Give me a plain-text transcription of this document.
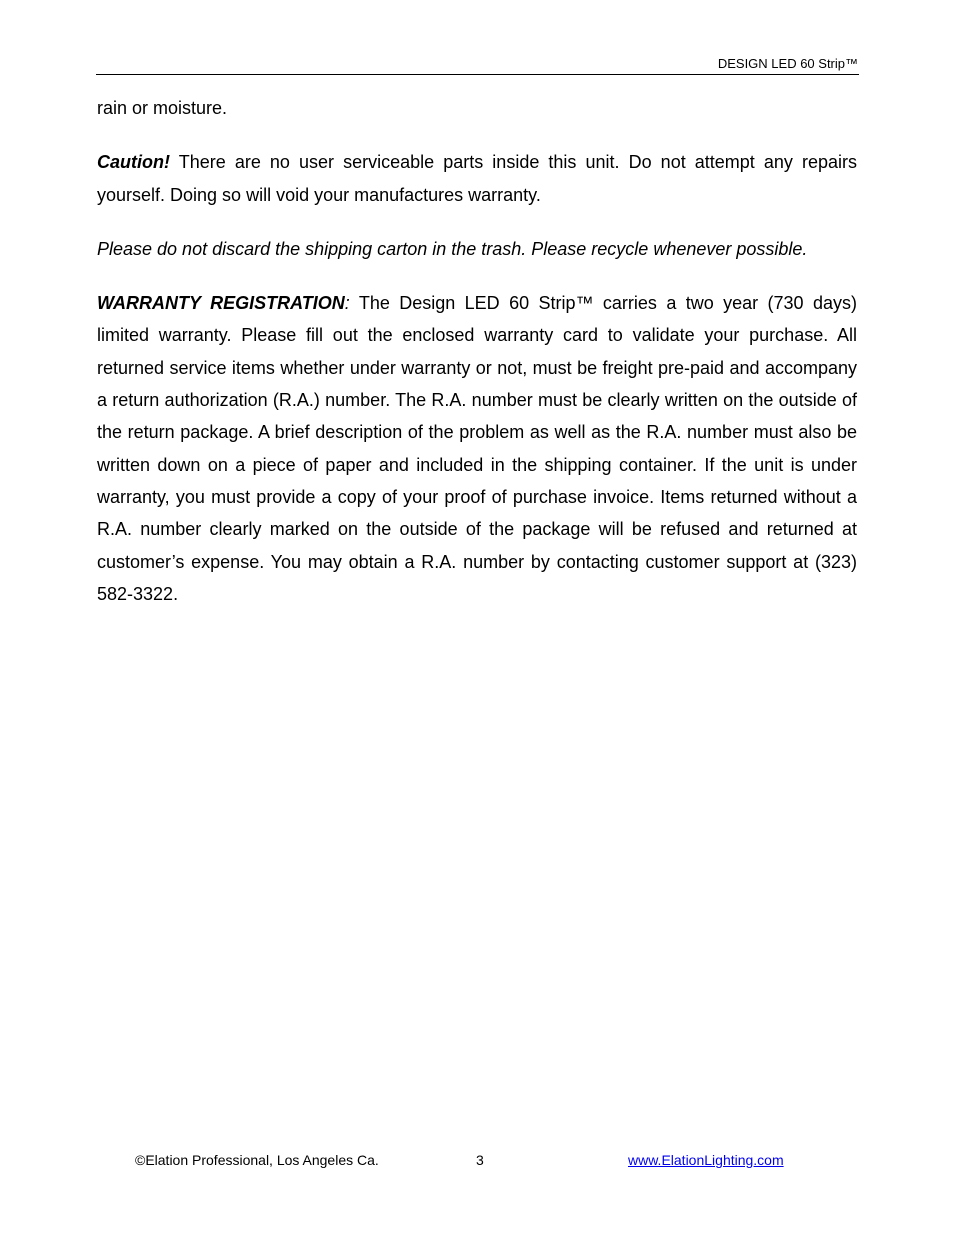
DESIGN LED 60 Strip™

rain or moisture.

Caution! There are no user serviceable parts inside this unit. Do not attempt any repairs yourself. Doing so will void your manufactures warranty.

Please do not discard the shipping carton in the trash. Please recycle whenever possible.

WARRANTY REGISTRATION: The Design LED 60 Strip™ carries a two year (730 days) limited warranty. Please fill out the enclosed warranty card to validate your purchase. All returned service items whether under warranty or not, must be freight pre-paid and accompany a return authorization (R.A.) number. The R.A. number must be clearly written on the outside of the return package. A brief description of the problem as well as the R.A. number must also be written down on a piece of paper and included in the shipping container. If the unit is under warranty, you must provide a copy of your proof of purchase invoice. Items returned without a R.A. number clearly marked on the outside of the package will be refused and returned at customer’s expense. You may obtain a R.A. number by contacting customer support at (323) 582-3322.

©Elation Professional, Los Angeles Ca.	3	www.ElationLighting.com
